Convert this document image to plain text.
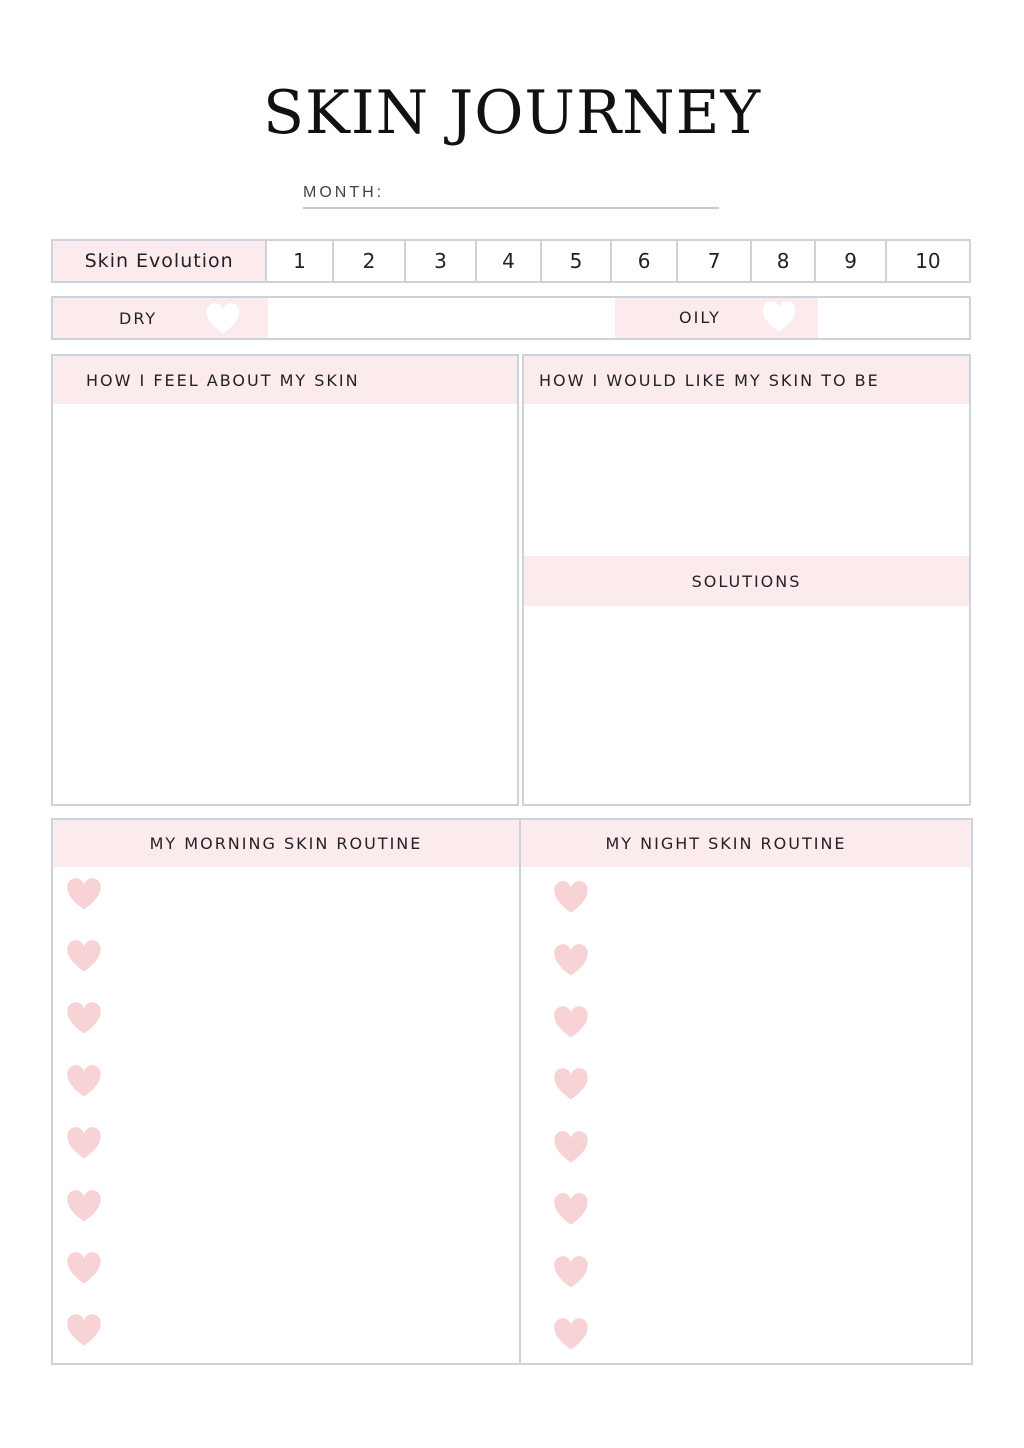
SKIN JOURNEY
MONTH:
Skin Evolution	1	2	3	4	5	6	7	8	9	10
DRY	OILY
HOW I FEEL ABOUT MY SKIN	HOW I WOULD LIKE MY SKIN TO BE
SOLUTIONS
MY MORNING SKIN ROUTINE	MY NIGHT SKIN ROUTINE
